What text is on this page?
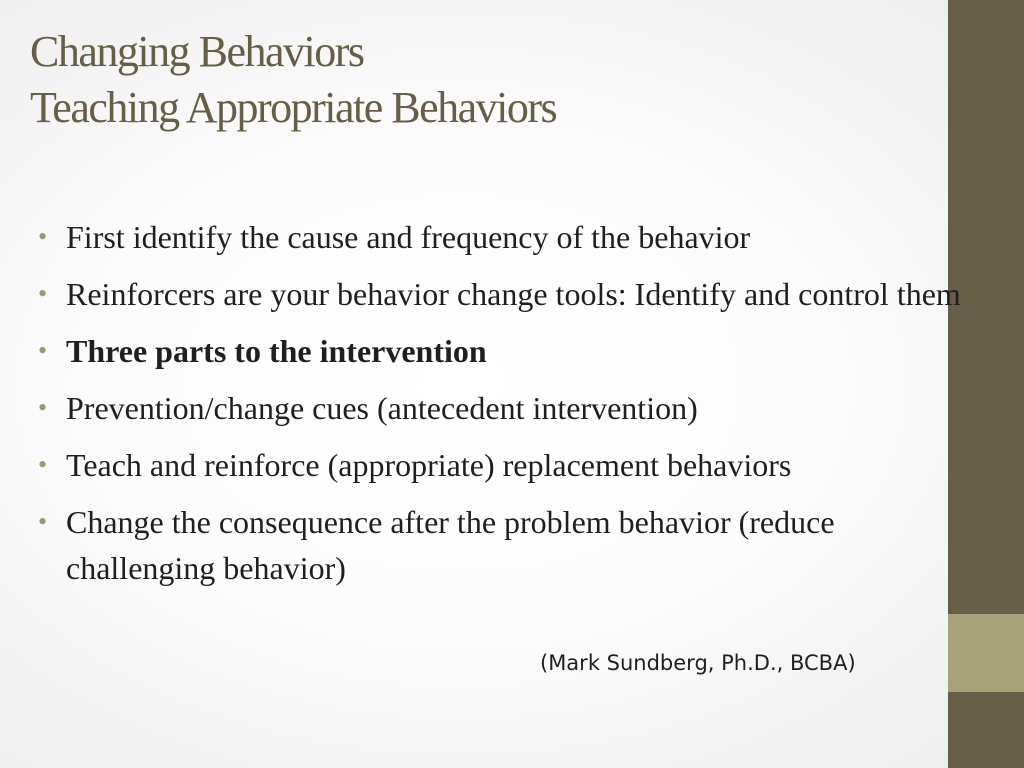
Changing Behaviors
Teaching Appropriate Behaviors
• First identify the cause and frequency of the behavior
• Reinforcers are your behavior change tools: Identify and control them
• Three parts to the intervention
• Prevention/change cues (antecedent intervention)
• Teach and reinforce (appropriate) replacement behaviors
• Change the consequence after the problem behavior (reduce challenging behavior)
(Mark Sundberg, Ph.D., BCBA)
